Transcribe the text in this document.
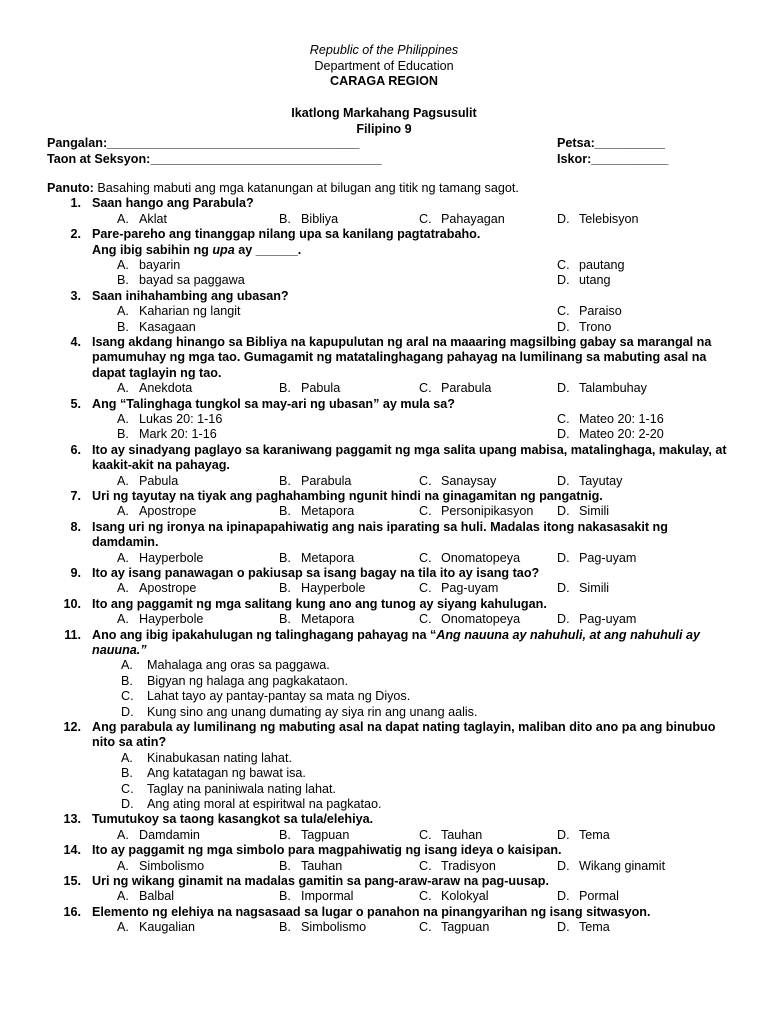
Republic of the Philippines
Department of Education
CARAGA REGION
Ikatlong Markahang Pagsusulit
Filipino 9
Pangalan:____________________________________	Petsa:__________
Taon at Seksyon:_________________________________	Iskor:___________
Panuto: Basahing mabuti ang mga katanungan at bilugan ang titik ng tamang sagot.
1. Saan hango ang Parabula?
A. Aklat	B. Bibliya	C. Pahayagan	D. Telebisyon
2. Pare-pareho ang tinanggap nilang upa sa kanilang pagtatrabaho.
Ang ibig sabihin ng upa ay ______.
A. bayarin	C. pautang
B. bayad sa paggawa	D. utang
3. Saan inihahambing ang ubasan?
A. Kaharian ng langit	C. Paraiso
B. Kasagaan	D. Trono
4. Isang akdang hinango sa Bibliya na kapupulutan ng aral na maaaring magsilbing gabay sa marangal na pamumuhay ng mga tao. Gumagamit ng matatalinghagang pahayag na lumilinang sa mabuting asal na dapat taglayin ng tao.
A. Anekdota	B. Pabula	C. Parabula	D. Talambuhay
5. Ang “Talinghaga tungkol sa may-ari ng ubasan” ay mula sa?
A. Lukas 20: 1-16	C. Mateo 20: 1-16
B. Mark 20: 1-16	D. Mateo 20: 2-20
6. Ito ay sinadyang paglayo sa karaniwang paggamit ng mga salita upang mabisa, matalinghaga, makulay, at kaakit-akit na pahayag.
A. Pabula	B. Parabula	C. Sanaysay	D. Tayutay
7. Uri ng tayutay na tiyak ang paghahambing ngunit hindi na ginagamitan ng pangatnig.
A. Apostrope	B. Metapora	C. Personipikasyon D. Simili
8. Isang uri ng ironya na ipinapapahiwatig ang nais iparating sa huli. Madalas itong nakasasakit ng damdamin.
A. Hayperbole	B. Metapora	C. Onomatopeya	D. Pag-uyam
9. Ito ay isang panawagan o pakiusap sa isang bagay na tila ito ay isang tao?
A. Apostrope	B. Hayperbole	C. Pag-uyam	D. Simili
10. Ito ang paggamit ng mga salitang kung ano ang tunog ay siyang kahulugan.
A. Hayperbole	B. Metapora	C. Onomatopeya	D. Pag-uyam
11. Ano ang ibig ipakahulugan ng talinghagang pahayag na “Ang nauuna ay nahuhuli, at ang nahuhuli ay nauuna.”
A.	Mahalaga ang oras sa paggawa.
B.	Bigyan ng halaga ang pagkakataon.
C.	Lahat tayo ay pantay-pantay sa mata ng Diyos.
D.	Kung sino ang unang dumating ay siya rin ang unang aalis.
12. Ang parabula ay lumilinang ng mabuting asal na dapat nating taglayin, maliban dito ano pa ang binubuo nito sa atin?
A.	Kinabukasan nating lahat.
B.	Ang katatagan ng bawat isa.
C.	Taglay na paniniwala nating lahat.
D.	Ang ating moral at espiritwal na pagkatao.
13. Tumutukoy sa taong kasangkot sa tula/elehiya.
A. Damdamin	B. Tagpuan	C. Tauhan	D. Tema
14. Ito ay paggamit ng mga simbolo para magpahiwatig ng isang ideya o kaisipan.
A. Simbolismo	B. Tauhan	C. Tradisyon	D. Wikang ginamit
15. Uri ng wikang ginamit na madalas gamitin sa pang-araw-araw na pag-uusap.
A. Balbal	B. Impormal	C. Kolokyal	D. Pormal
16. Elemento ng elehiya na nagsasaad sa lugar o panahon na pinangyarihan ng isang sitwasyon.
A. Kaugalian	B. Simbolismo	C. Tagpuan	D. Tema
